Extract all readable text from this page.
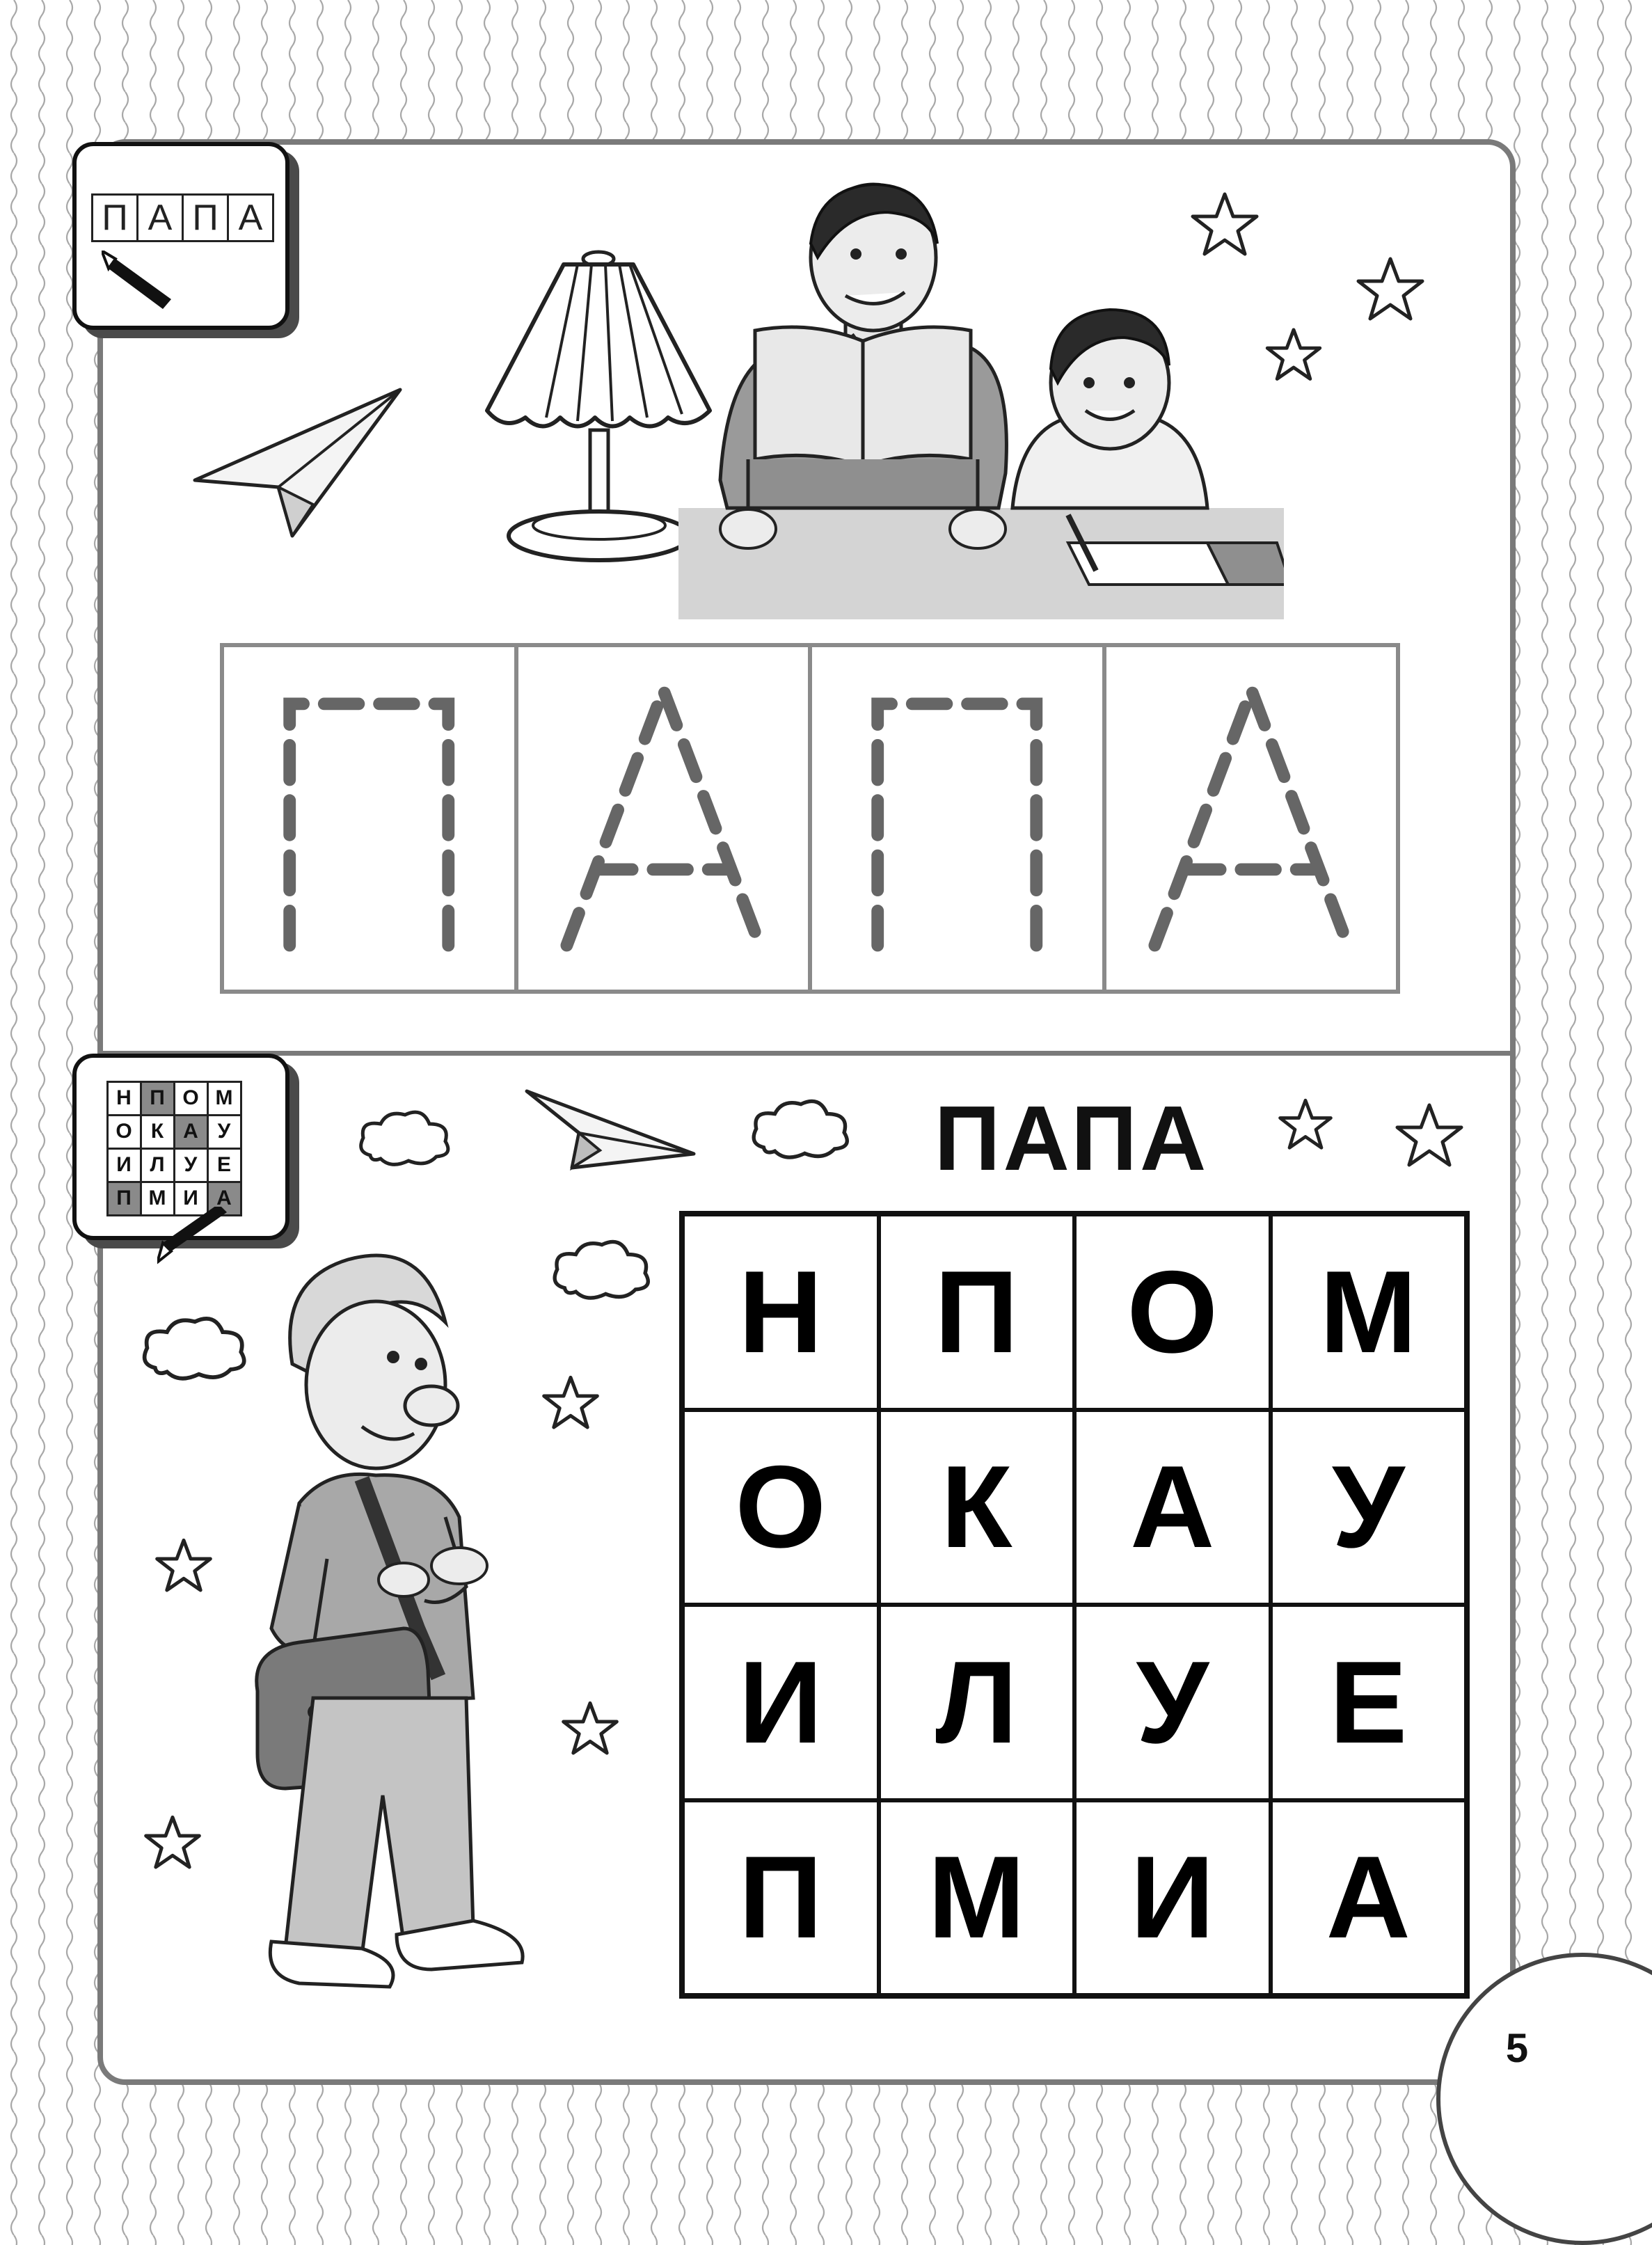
П А П А
Н П О М
О К А У
И Л У Е
П М И А
ПАПА
Н П О М
О К	А	У
И Л	У	Е
П М И А
5
